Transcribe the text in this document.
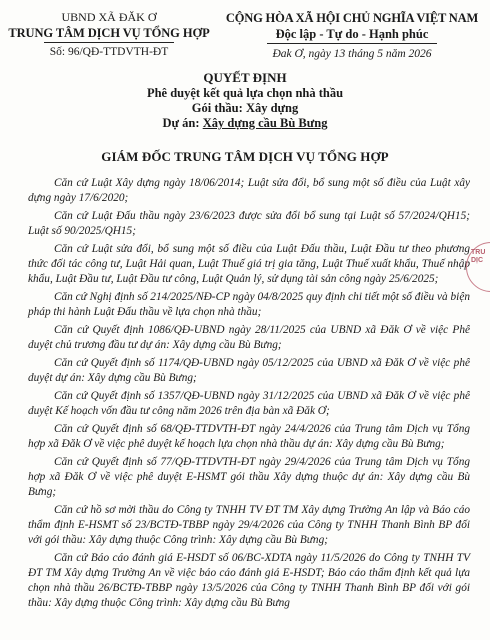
UBND XÃ ĐĂK Ơ
TRUNG TÂM DỊCH VỤ TỔNG HỢP
Số: 96/QĐ-TTDVTH-ĐT
CỘNG HÒA XÃ HỘI CHỦ NGHĨA VIỆT NAM
Độc lập - Tự do - Hạnh phúc
Đak Ơ, ngày 13 tháng 5 năm 2026
QUYẾT ĐỊNH
Phê duyệt kết quả lựa chọn nhà thầu
Gói thầu: Xây dựng
Dự án: Xây dựng cầu Bù Bưng
GIÁM ĐỐC TRUNG TÂM DỊCH VỤ TỔNG HỢP

Căn cứ Luật Xây dựng ngày 18/06/2014; Luật sửa đổi, bổ sung một số điều của Luật xây dựng ngày 17/6/2020;

Căn cứ Luật Đấu thầu ngày 23/6/2023 được sửa đổi bổ sung tại Luật số 57/2024/QH15; Luật số 90/2025/QH15;

Căn cứ Luật sửa đổi, bổ sung một số điều của Luật Đấu thầu, Luật Đầu tư theo phương thức đối tác công tư, Luật Hải quan, Luật Thuế giá trị gia tăng, Luật Thuế xuất khẩu, Thuế nhập khẩu, Luật Đầu tư, Luật Đầu tư công, Luật Quản lý, sử dụng tài sản công ngày 25/6/2025;

Căn cứ Nghị định số 214/2025/NĐ-CP ngày 04/8/2025 quy định chi tiết một số điều và biện pháp thi hành Luật Đấu thầu về lựa chọn nhà thầu;

Căn cứ Quyết định 1086/QĐ-UBND ngày 28/11/2025 của UBND xã Đăk Ơ về việc Phê duyệt chủ trương đầu tư dự án: Xây dựng cầu Bù Bưng;

Căn cứ Quyết định số 1174/QĐ-UBND ngày 05/12/2025 của UBND xã Đăk Ơ về việc phê duyệt dự án: Xây dựng cầu Bù Bưng;

Căn cứ Quyết định số 1357/QĐ-UBND ngày 31/12/2025 của UBND xã Đăk Ơ về việc phê duyệt Kế hoạch vốn đầu tư công năm 2026 trên địa bàn xã Đăk Ơ;

Căn cứ Quyết định số 68/QĐ-TTDVTH-ĐT ngày 24/4/2026 của Trung tâm Dịch vụ Tổng hợp xã Đăk Ơ về việc phê duyệt kế hoạch lựa chọn nhà thầu dự án: Xây dựng cầu Bù Bưng;

Căn cứ Quyết định số 77/QĐ-TTDVTH-ĐT ngày 29/4/2026 của Trung tâm Dịch vụ Tổng hợp xã Đăk Ơ về việc phê duyệt E-HSMT gói thầu Xây dựng thuộc dự án: Xây dựng cầu Bù Bưng;

Căn cứ hồ sơ mời thầu do Công ty TNHH TV ĐT TM Xây dựng Trường An lập và Báo cáo thẩm định E-HSMT số 23/BCTĐ-TBBP ngày 29/4/2026 của Công ty TNHH Thanh Bình BP đối với gói thầu: Xây dựng thuộc Công trình: Xây dựng cầu Bù Bưng;

Căn cứ Báo cáo đánh giá E-HSDT số 06/BC-XDTA ngày 11/5/2026 do Công ty TNHH TV ĐT TM Xây dựng Trường An về việc báo cáo đánh giá E-HSDT; Báo cáo thẩm định kết quả lựa chọn nhà thầu 26/BCTĐ-TBBP ngày 13/5/2026 của Công ty TNHH Thanh Bình BP đối với gói thầu: Xây dựng thuộc Công trình: Xây dựng cầu Bù Bưng

TRU DỊC
